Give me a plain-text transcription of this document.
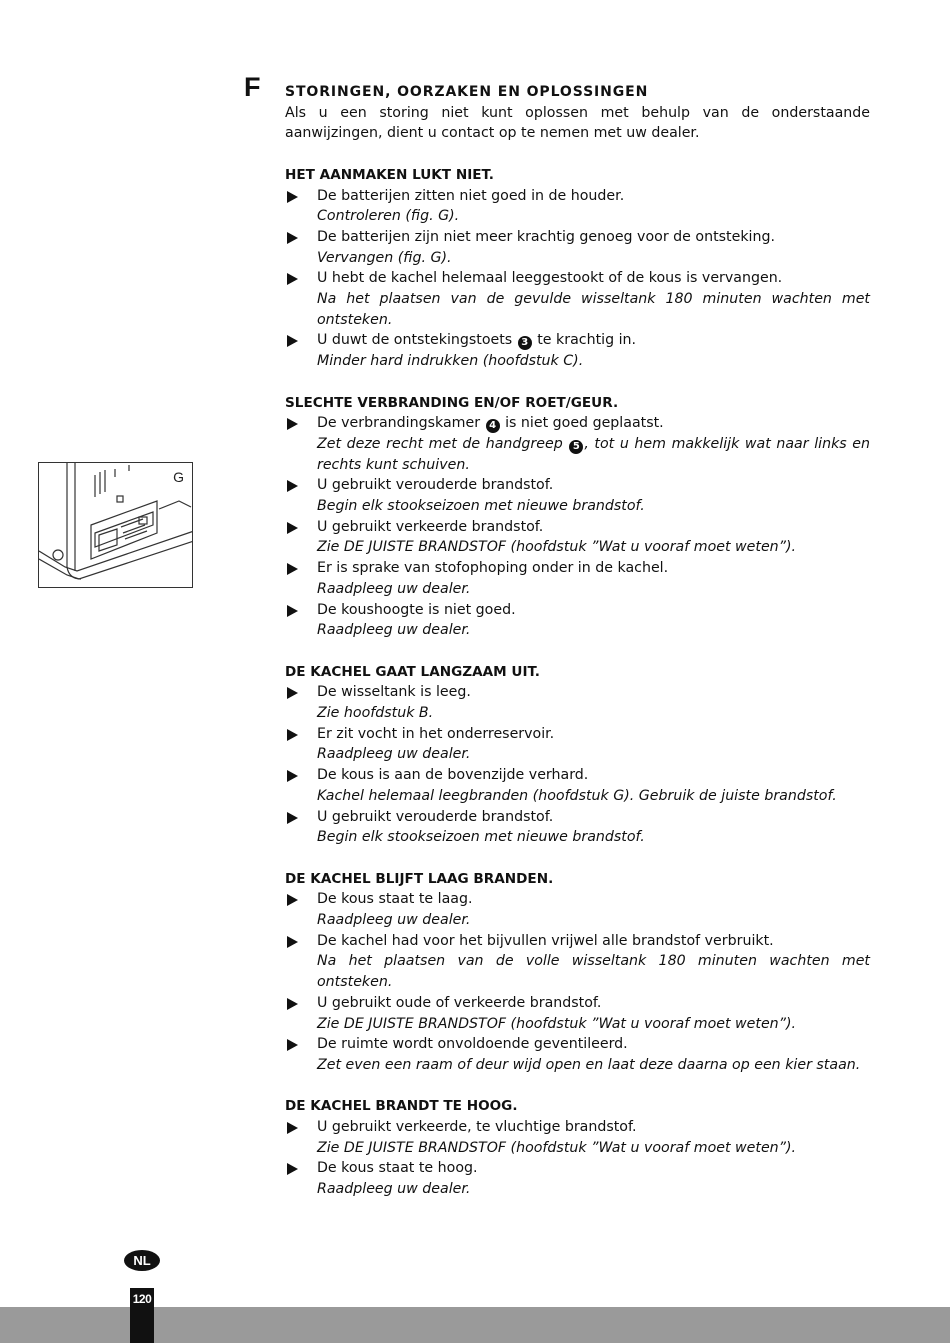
F STORINGEN, OORZAKEN EN OPLOSSINGEN
Als u een storing niet kunt oplossen met behulp van de onderstaande aanwijzingen, dient u contact op te nemen met uw dealer.
HET AANMAKEN LUKT NIET.
De batterijen zitten niet goed in de houder.
Controleren (fig. G).
De batterijen zijn niet meer krachtig genoeg voor de ontsteking.
Vervangen (fig. G).
U hebt de kachel helemaal leeggestookt of de kous is vervangen.
Na het plaatsen van de gevulde wisseltank 180 minuten wachten met ontsteken.
U duwt de ontstekingstoets 3 te krachtig in.
Minder hard indrukken (hoofdstuk C).
SLECHTE VERBRANDING EN/OF ROET/GEUR.
De verbrandingskamer 4 is niet goed geplaatst.
Zet deze recht met de handgreep 5 , tot u hem makkelijk wat naar links en rechts kunt schuiven.
U gebruikt verouderde brandstof.
Begin elk stookseizoen met nieuwe brandstof.
U gebruikt verkeerde brandstof.
Zie DE JUISTE BRANDSTOF (hoofdstuk ”Wat u vooraf moet weten”).
Er is sprake van stofophoping onder in de kachel.
Raadpleeg uw dealer.
De koushoogte is niet goed.
Raadpleeg uw dealer.
DE KACHEL GAAT LANGZAAM UIT.
De wisseltank is leeg.
Zie hoofdstuk B.
Er zit vocht in het onderreservoir.
Raadpleeg uw dealer.
De kous is aan de bovenzijde verhard.
Kachel helemaal leegbranden (hoofdstuk G). Gebruik de juiste brandstof.
U gebruikt verouderde brandstof.
Begin elk stookseizoen met nieuwe brandstof.
DE KACHEL BLIJFT LAAG BRANDEN.
De kous staat te laag.
Raadpleeg uw dealer.
De kachel had voor het bijvullen vrijwel alle brandstof verbruikt.
Na het plaatsen van de volle wisseltank 180 minuten wachten met ontsteken.
U gebruikt oude of verkeerde brandstof.
Zie DE JUISTE BRANDSTOF (hoofdstuk ”Wat u vooraf moet weten”).
De ruimte wordt onvoldoende geventileerd.
Zet even een raam of deur wijd open en laat deze daarna op een kier staan.
DE KACHEL BRANDT TE HOOG.
U gebruikt verkeerde, te vluchtige brandstof.
Zie DE JUISTE BRANDSTOF (hoofdstuk ”Wat u vooraf moet weten”).
De kous staat te hoog.
Raadpleeg uw dealer.
G
NL
120
